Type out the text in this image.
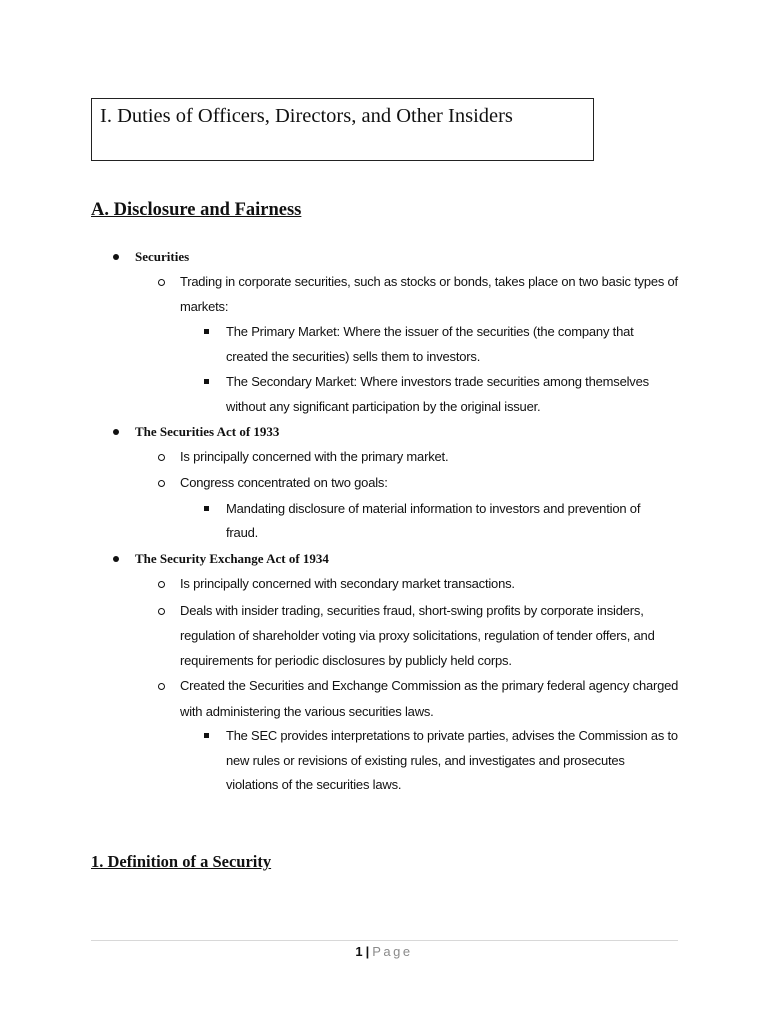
I. Duties of Officers, Directors, and Other Insiders
A. Disclosure and Fairness
Securities
Trading in corporate securities, such as stocks or bonds, takes place on two basic types of
markets:
The Primary Market: Where the issuer of the securities (the company that
created the securities) sells them to investors.
The Secondary Market: Where investors trade securities among themselves
without any significant participation by the original issuer.
The Securities Act of 1933
Is principally concerned with the primary market.
Congress concentrated on two goals:
Mandating disclosure of material information to investors and prevention of
fraud.
The Security Exchange Act of 1934
Is principally concerned with secondary market transactions.
Deals with insider trading, securities fraud, short-swing profits by corporate insiders,
regulation of shareholder voting via proxy solicitations, regulation of tender offers, and
requirements for periodic disclosures by publicly held corps.
Created the Securities and Exchange Commission as the primary federal agency charged
with administering the various securities laws.
The SEC provides interpretations to private parties, advises the Commission as to
new rules or revisions of existing rules, and investigates and prosecutes
violations of the securities laws.
1. Definition of a Security
1 | Page
